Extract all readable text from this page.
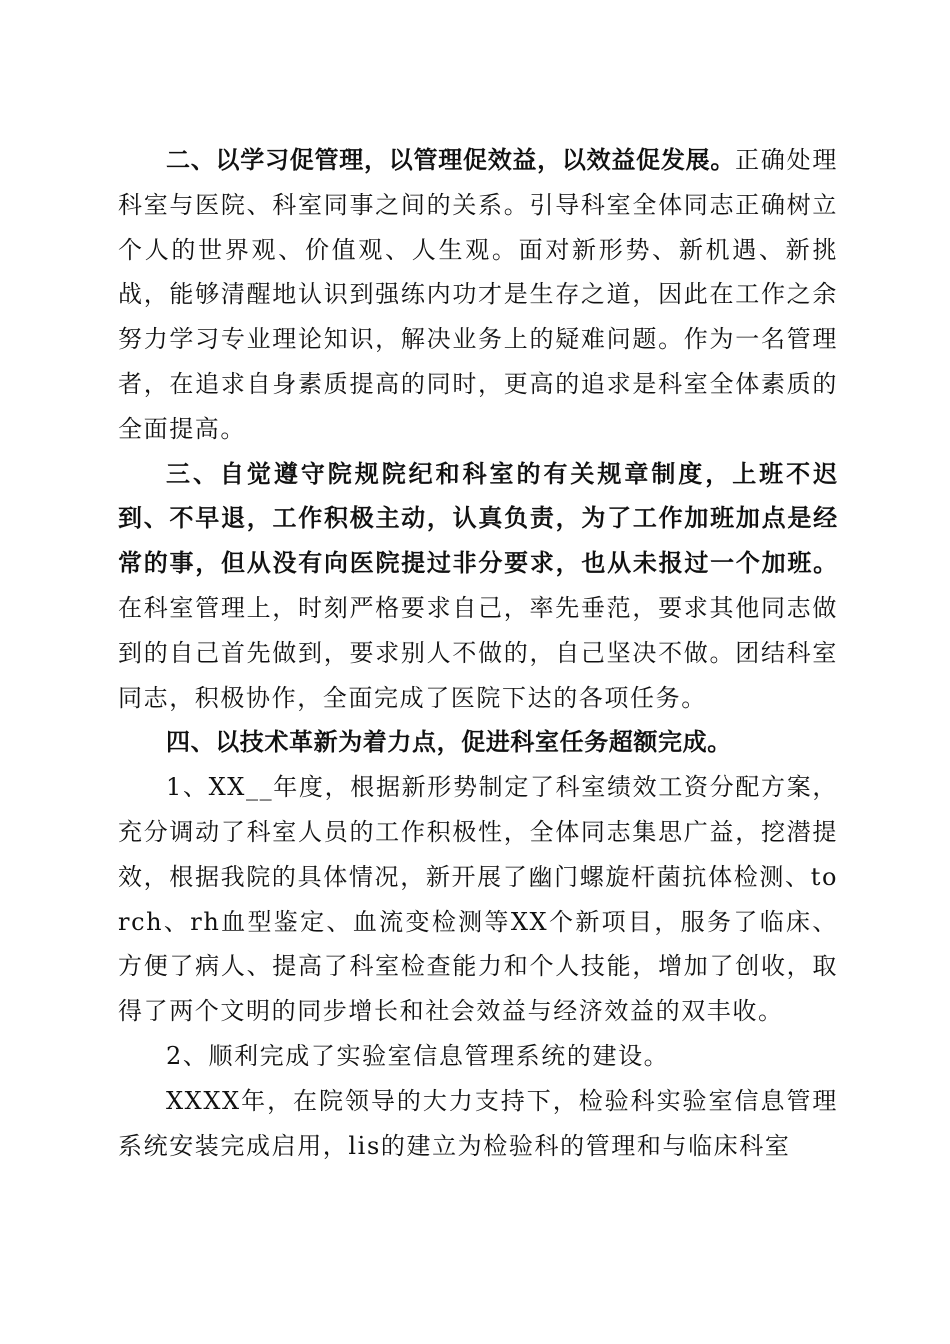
二、以学习促管理，以管理促效益，以效益促发展。正确处理科室与医院、科室同事之间的关系。引导科室全体同志正确树立个人的世界观、价值观、人生观。面对新形势、新机遇、新挑战，能够清醒地认识到强练内功才是生存之道，因此在工作之余努力学习专业理论知识，解决业务上的疑难问题。作为一名管理者，在追求自身素质提高的同时，更高的追求是科室全体素质的全面提高。

三、自觉遵守院规院纪和科室的有关规章制度，上班不迟到、不早退，工作积极主动，认真负责，为了工作加班加点是经常的事，但从没有向医院提过非分要求，也从未报过一个加班。在科室管理上，时刻严格要求自己，率先垂范，要求其他同志做到的自己首先做到，要求别人不做的，自己坚决不做。团结科室同志，积极协作，全面完成了医院下达的各项任务。

四、以技术革新为着力点，促进科室任务超额完成。

1、XX__年度，根据新形势制定了科室绩效工资分配方案，充分调动了科室人员的工作积极性，全体同志集思广益，挖潜提效，根据我院的具体情况，新开展了幽门螺旋杆菌抗体检测、torch、rh血型鉴定、血流变检测等XX个新项目，服务了临床、方便了病人、提高了科室检查能力和个人技能，增加了创收，取得了两个文明的同步增长和社会效益与经济效益的双丰收。

2、顺利完成了实验室信息管理系统的建设。

XXXX年，在院领导的大力支持下，检验科实验室信息管理系统安装完成启用，lis的建立为检验科的管理和与临床科室
